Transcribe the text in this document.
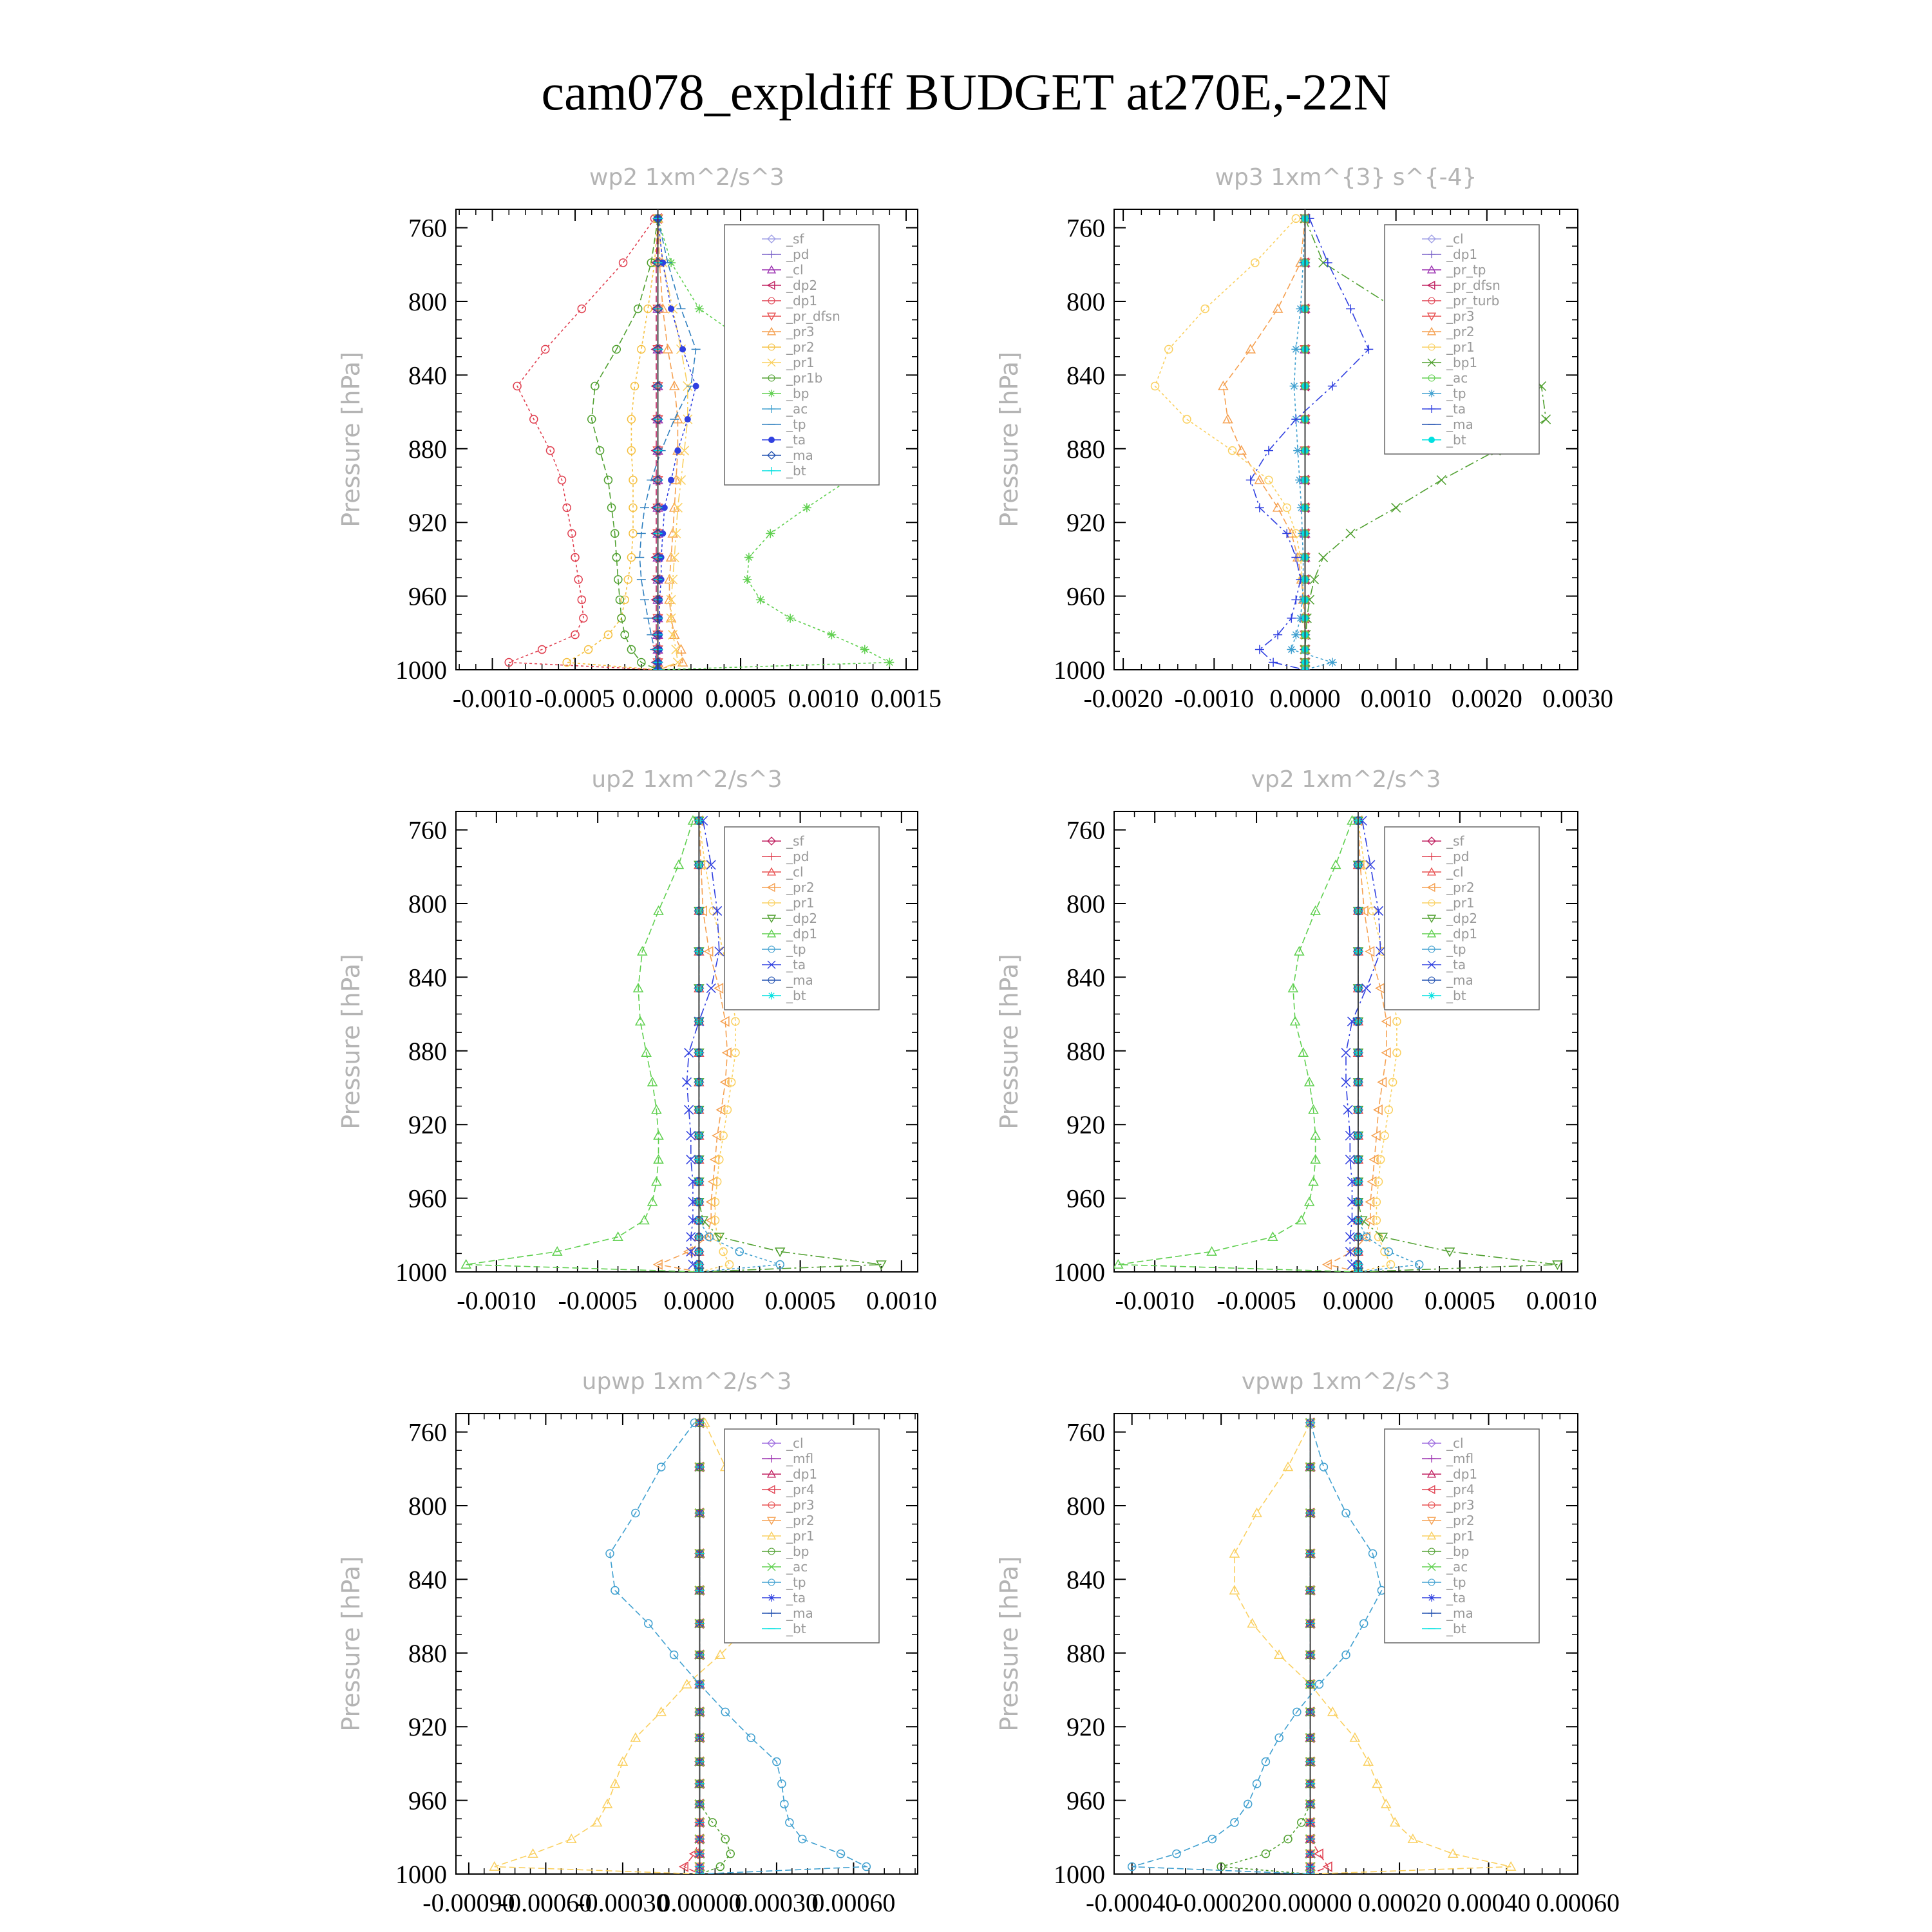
cam078_expldiff BUDGET at270E,-22N
wp2 1xm^2/s^3
Pressure [hPa]
760
800
840
880
920
960
1000
-0.0010 -0.0005 0.0000 0.0005 0.0010 0.0015
_sf
_pd
_cl
_dp2
_dp1
_pr_dfsn
_pr3
_pr2
_pr1
_pr1b
_bp
_ac
_tp
_ta
_ma
_bt
wp3 1xm^{3} s^{-4}
Pressure [hPa]
760
800
840
880
920
960
1000
-0.0020 -0.0010 0.0000 0.0010 0.0020 0.0030
_cl
_dp1
_pr_tp
_pr_dfsn
_pr_turb
_pr3
_pr2
_pr1
_bp1
_ac
_tp
_ta
_ma
_bt
up2 1xm^2/s^3
Pressure [hPa]
760
800
840
880
920
960
1000
-0.0010 -0.0005 0.0000 0.0005 0.0010
_sf
_pd
_cl
_pr2
_pr1
_dp2
_dp1
_tp
_ta
_ma
_bt
vp2 1xm^2/s^3
Pressure [hPa]
760
800
840
880
920
960
1000
-0.0010 -0.0005 0.0000 0.0005 0.0010
_sf
_pd
_cl
_pr2
_pr1
_dp2
_dp1
_tp
_ta
_ma
_bt
upwp 1xm^2/s^3
Pressure [hPa]
760
800
840
880
920
960
1000
-0.00090
-0.00060
-0.00030
0.00000
0.00030
0.00060
_cl
_mfl
_dp1
_pr4
_pr3
_pr2
_pr1
_bp
_ac
_tp
_ta
_ma
_bt
vpwp 1xm^2/s^3
Pressure [hPa]
760
800
840
880
920
960
1000
-0.00040
-0.00020 0.00000 0.00020 0.00040 0.00060
_cl
_mfl
_dp1
_pr4
_pr3
_pr2
_pr1
_bp
_ac
_tp
_ta
_ma
_bt
